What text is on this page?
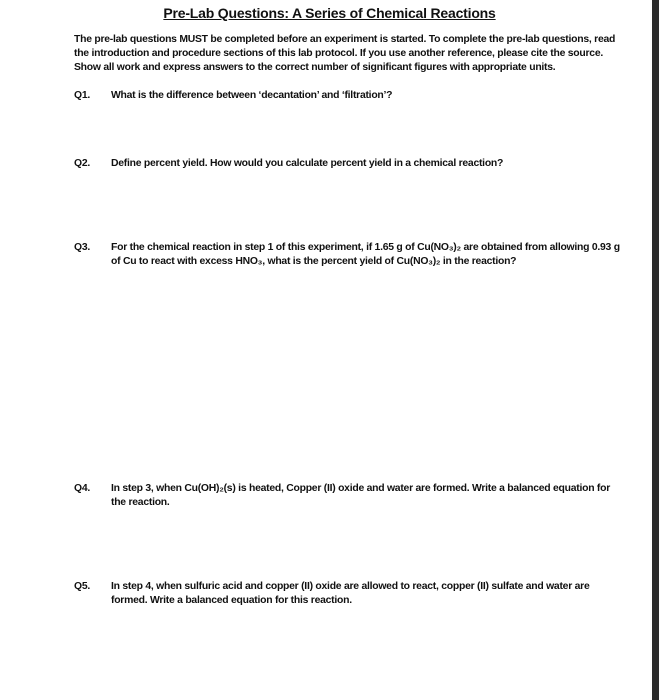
Pre-Lab Questions: A Series of Chemical Reactions
The pre-lab questions MUST be completed before an experiment is started. To complete the pre-lab questions, read the introduction and procedure sections of this lab protocol. If you use another reference, please cite the source. Show all work and express answers to the correct number of significant figures with appropriate units.
Q1.	What is the difference between ‘decantation’ and ‘filtration’?
Q2.	Define percent yield. How would you calculate percent yield in a chemical reaction?
Q3.	For the chemical reaction in step 1 of this experiment, if 1.65 g of Cu(NO₃)₂ are obtained from allowing 0.93 g of Cu to react with excess HNO₃, what is the percent yield of Cu(NO₃)₂ in the reaction?
Q4.	In step 3, when Cu(OH)₂(s) is heated, Copper (II) oxide and water are formed. Write a balanced equation for the reaction.
Q5.	In step 4, when sulfuric acid and copper (II) oxide are allowed to react, copper (II) sulfate and water are formed. Write a balanced equation for this reaction.
